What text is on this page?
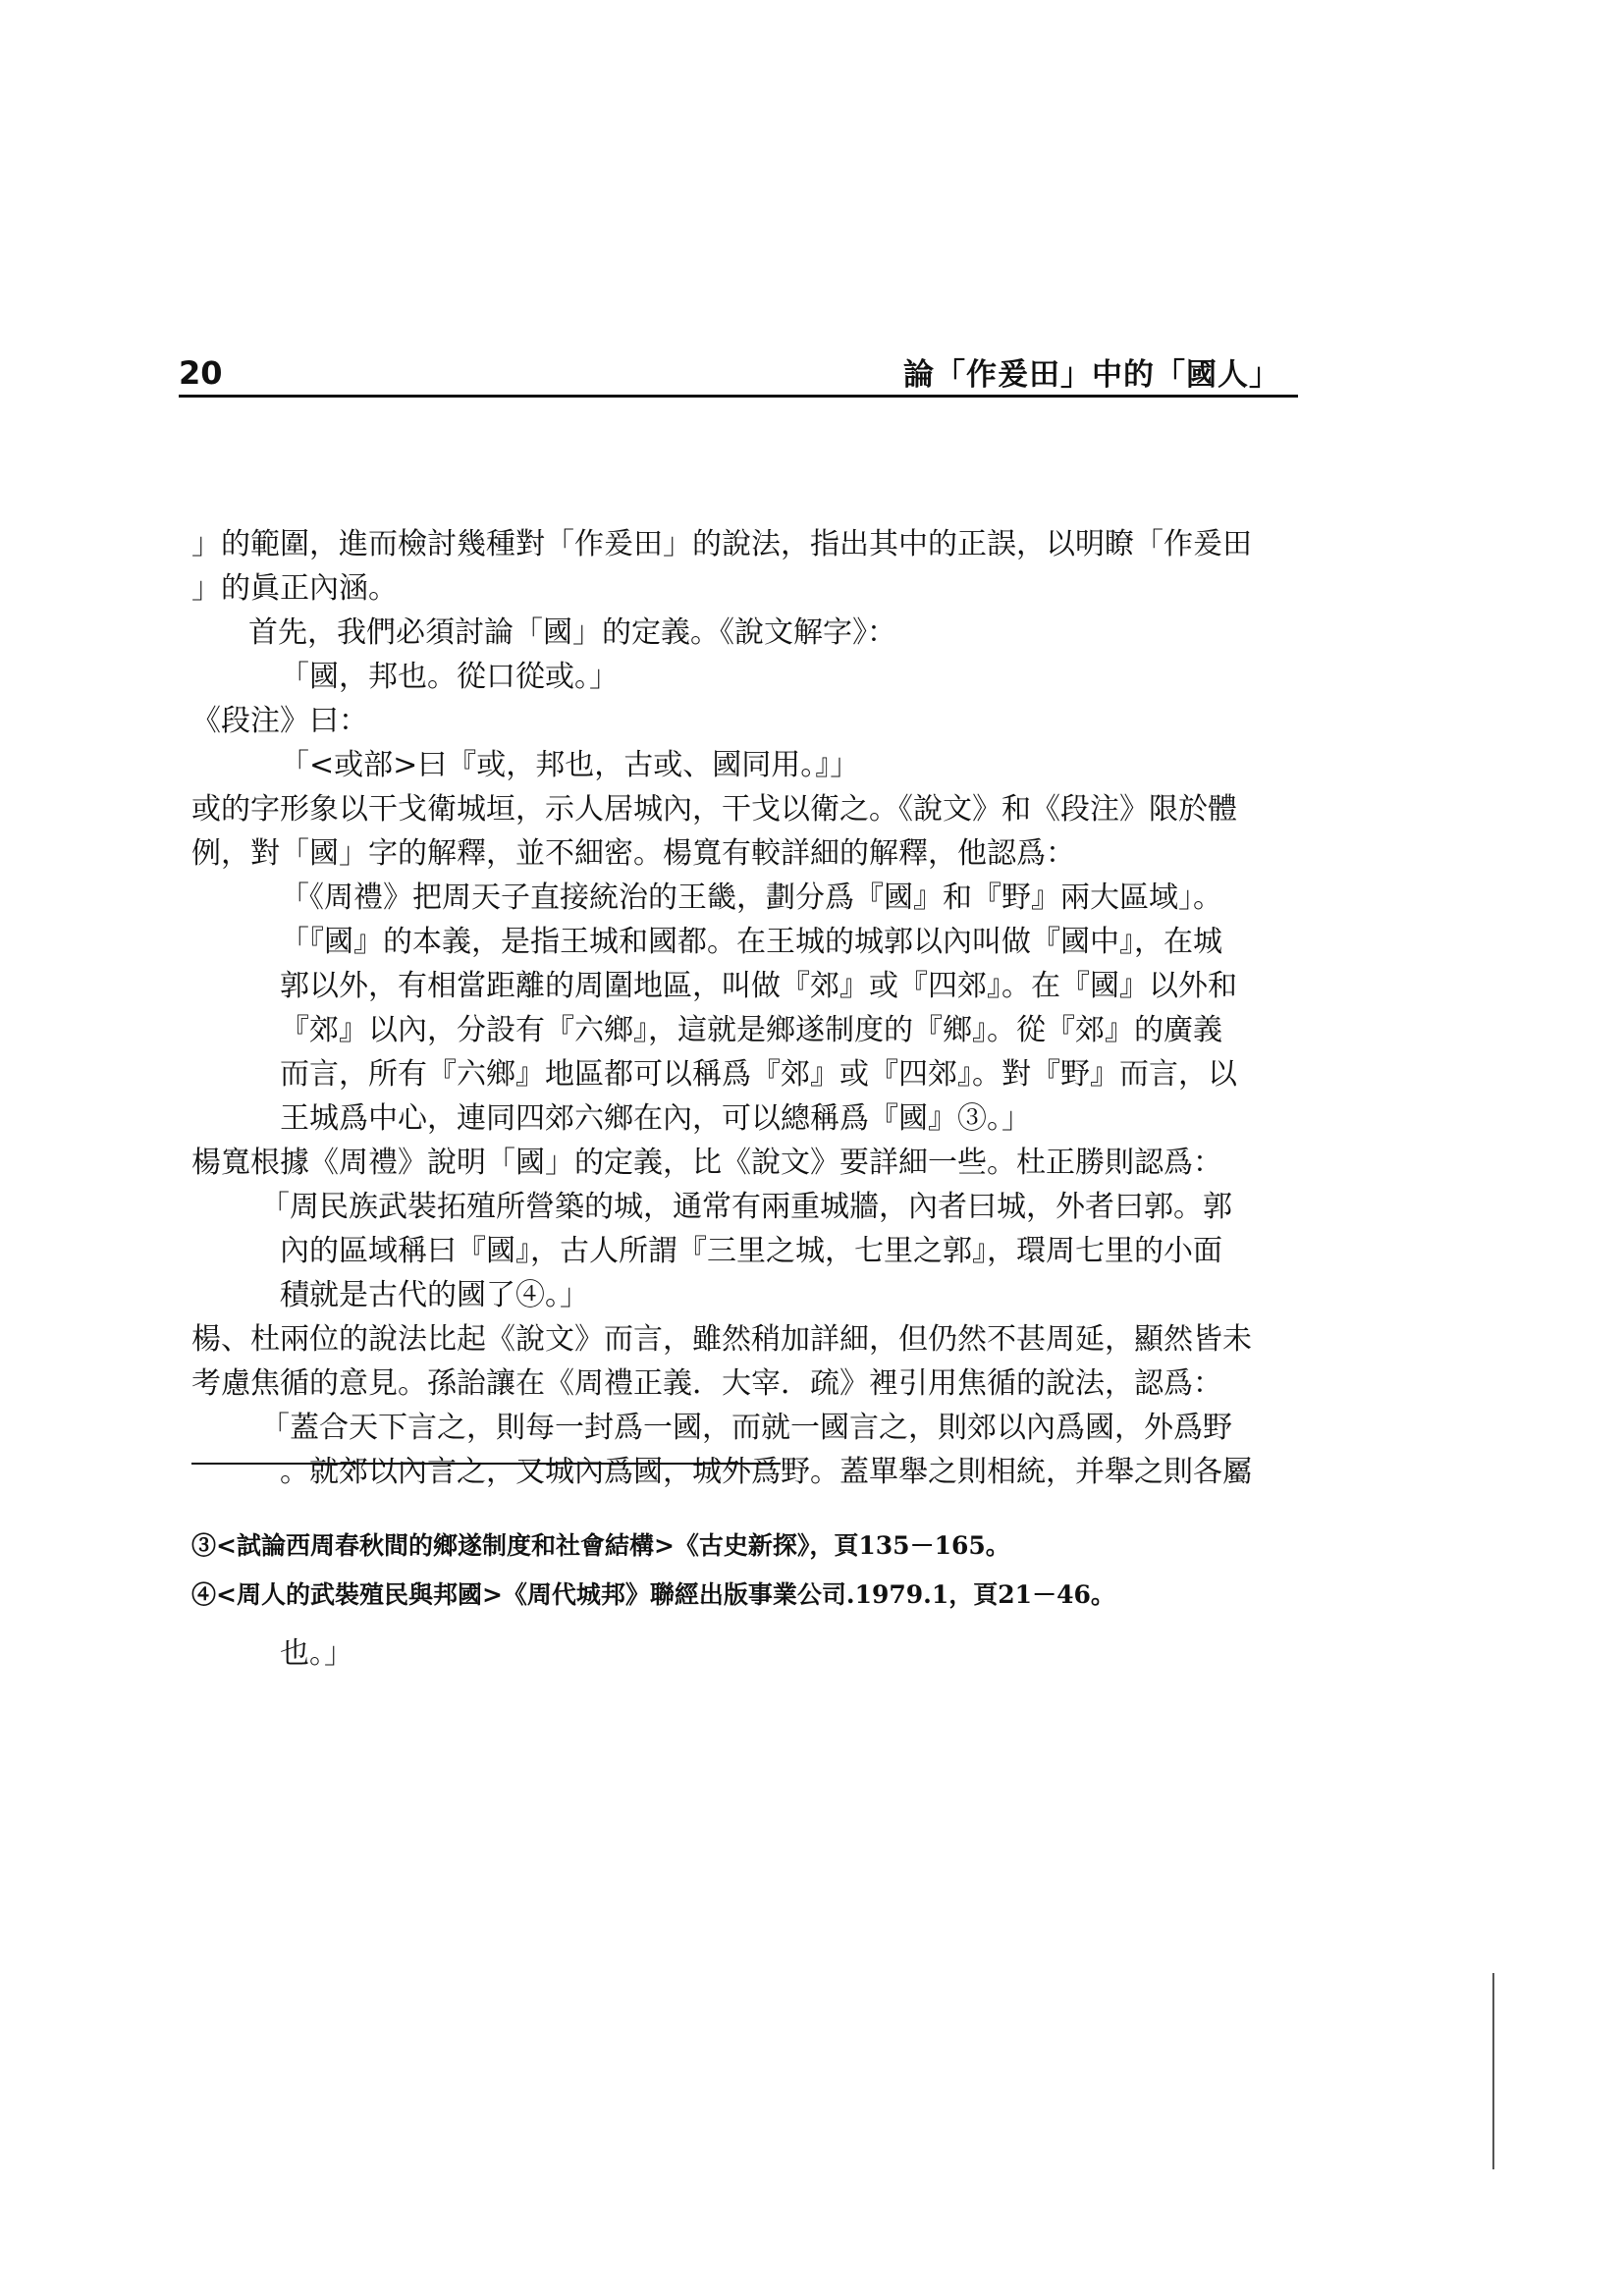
20	論「作爰田」中的「國人」
」的範圍，進而檢討幾種對「作爰田」的說法，指出其中的正誤，以明瞭「作爰田
」的眞正內涵。
首先，我們必須討論「國」的定義。《說文解字》：
「國，邦也。從口從或。」
《段注》曰：
「<或部>曰『或，邦也，古或、國同用。』」
或的字形象以干戈衛城垣，示人居城內，干戈以衛之。《說文》和《段注》限於體
例，對「國」字的解釋，並不細密。楊寬有較詳細的解釋，他認爲：
「《周禮》把周天子直接統治的王畿，劃分爲『國』和『野』兩大區域」。
「『國』的本義，是指王城和國都。在王城的城郭以內叫做『國中』，在城
郭以外，有相當距離的周圍地區，叫做『郊』或『四郊』。在『國』以外和
『郊』以內，分設有『六鄉』，這就是鄉遂制度的『鄉』。從『郊』的廣義
而言，所有『六鄉』地區都可以稱爲『郊』或『四郊』。對『野』而言，以
王城爲中心，連同四郊六鄉在內，可以總稱爲『國』③。」
楊寬根據《周禮》說明「國」的定義，比《說文》要詳細一些。杜正勝則認爲：
「周民族武裝拓殖所營築的城，通常有兩重城牆，內者曰城，外者曰郭。郭
內的區域稱曰『國』，古人所謂『三里之城，七里之郭』，環周七里的小面
積就是古代的國了④。」
楊、杜兩位的說法比起《說文》而言，雖然稍加詳細，但仍然不甚周延，顯然皆未
考慮焦循的意見。孫詒讓在《周禮正義．大宰．疏》裡引用焦循的說法，認爲：
「蓋合天下言之，則每一封爲一國，而就一國言之，則郊以內爲國，外爲野
。就郊以內言之，又城內爲國，城外爲野。蓋單舉之則相統，并舉之則各屬
③<試論西周春秋間的鄉遂制度和社會結構>《古史新探》，頁135－165。
④<周人的武裝殖民與邦國>《周代城邦》聯經出版事業公司.1979.1，頁21－46。
也。」
